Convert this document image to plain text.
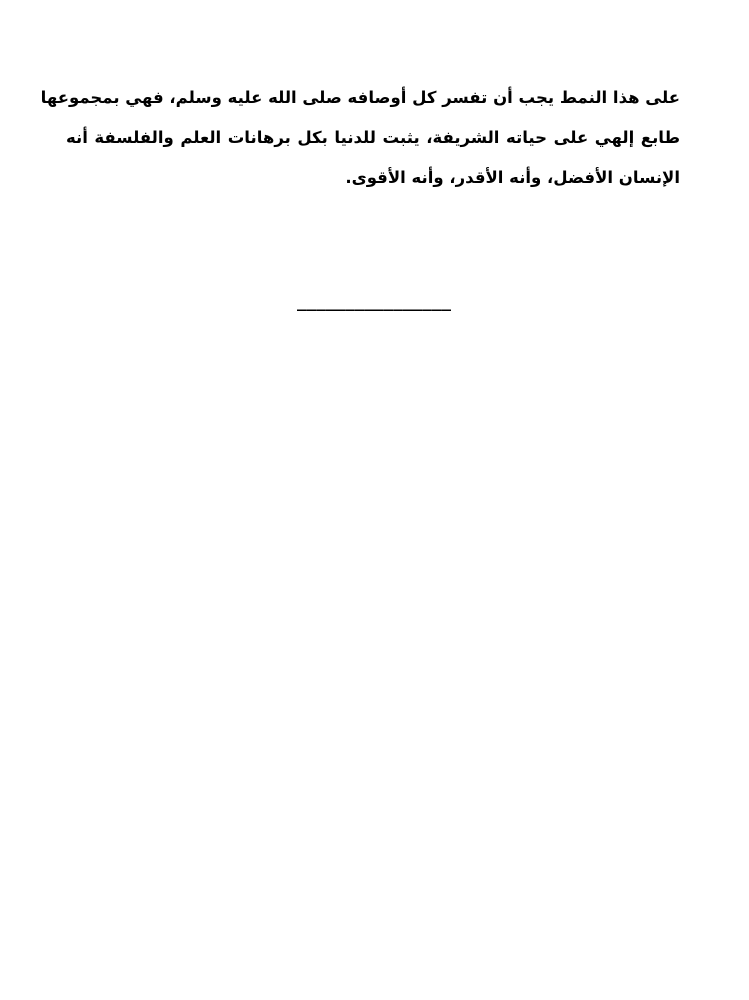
على هذا النمط يجب أن تفسر كل أوصافه صلى الله عليه وسلم، فهي بمجموعها
طابع إلهي على حياته الشريفة، يثبت للدنيا بكل برهانات العلم والفلسفة أنه
الإنسان الأفضل، وأنه الأقدر، وأنه الأقوى.

________________
